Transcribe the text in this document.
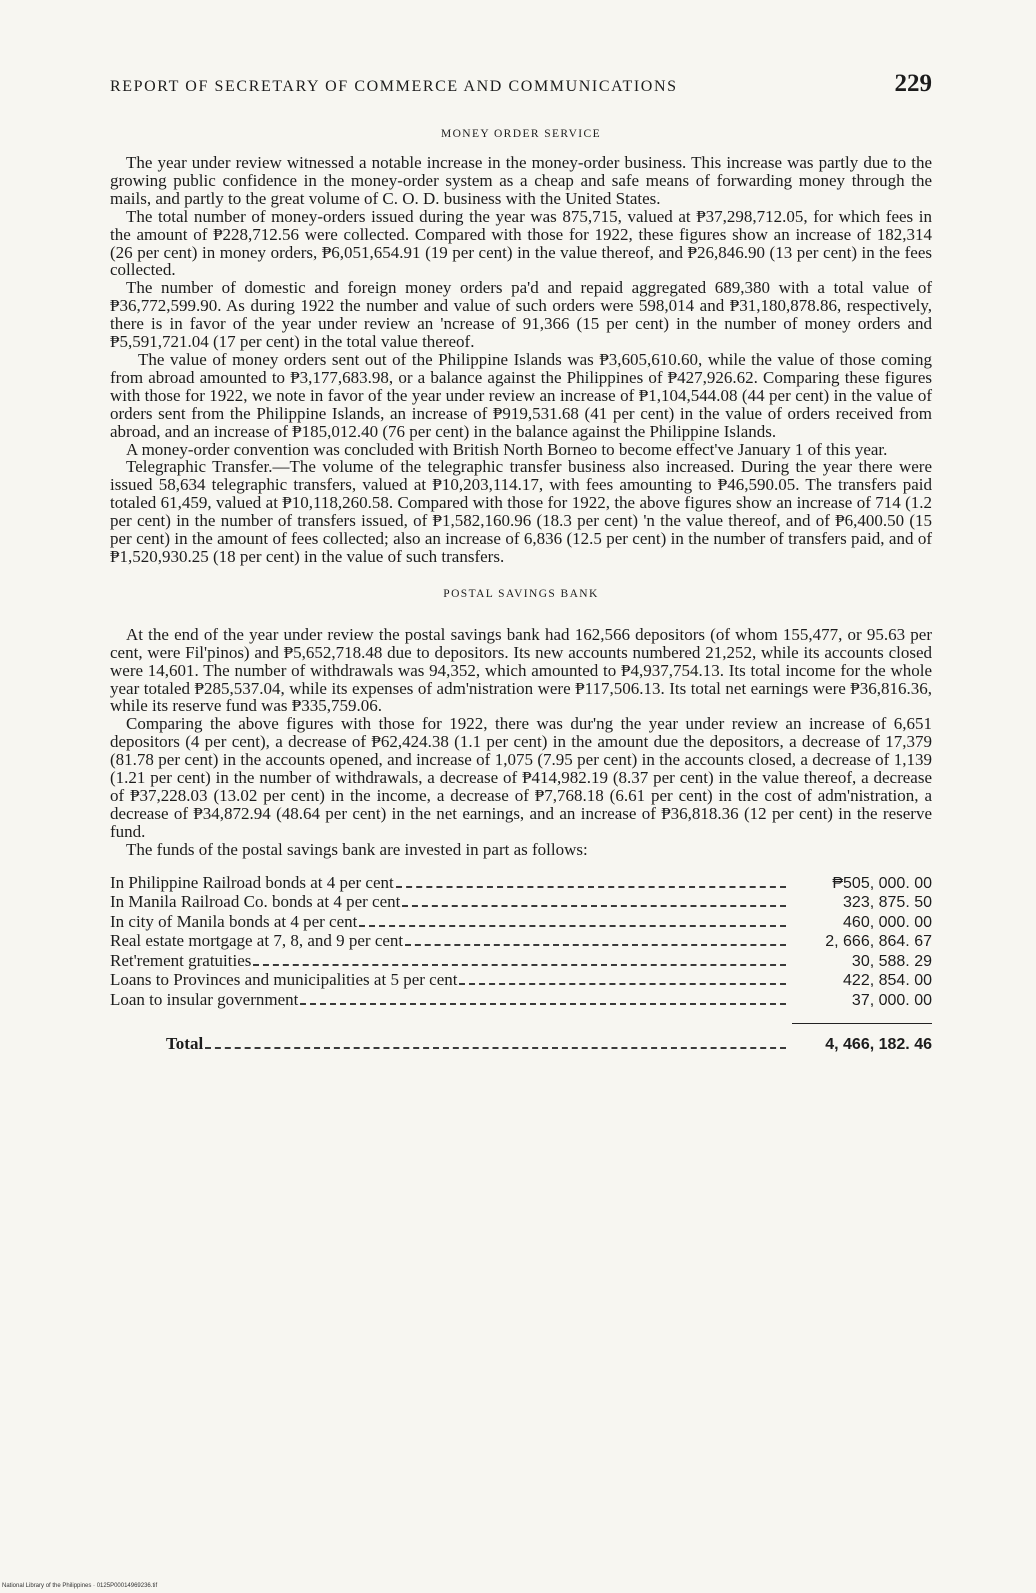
REPORT OF SECRETARY OF COMMERCE AND COMMUNICATIONS	229
MONEY ORDER SERVICE

The year under review witnessed a notable increase in the money-order business. This increase was partly due to the growing public confidence in the money-order system as a cheap and safe means of forwarding money through the mails, and partly to the great volume of C. O. D. business with the United States.

The total number of money-orders issued during the year was 875,715, valued at ₱37,298,712.05, for which fees in the amount of ₱228,712.56 were collected. Compared with those for 1922, these figures show an increase of 182,314 (26 per cent) in money orders, ₱6,051,654.91 (19 per cent) in the value thereof, and ₱26,846.90 (13 per cent) in the fees collected.

The number of domestic and foreign money orders pa'd and repaid aggregated 689,380 with a total value of ₱36,772,599.90. As during 1922 the number and value of such orders were 598,014 and ₱31,180,878.86, respectively, there is in favor of the year under review an 'ncrease of 91,366 (15 per cent) in the number of money orders and ₱5,591,721.04 (17 per cent) in the total value thereof.

The value of money orders sent out of the Philippine Islands was ₱3,605,610.60, while the value of those coming from abroad amounted to ₱3,177,683.98, or a balance against the Philippines of ₱427,926.62. Comparing these figures with those for 1922, we note in favor of the year under review an increase of ₱1,104,544.08 (44 per cent) in the value of orders sent from the Philippine Islands, an increase of ₱919,531.68 (41 per cent) in the value of orders received from abroad, and an increase of ₱185,012.40 (76 per cent) in the balance against the Philippine Islands.

A money-order convention was concluded with British North Borneo to become effect've January 1 of this year.

Telegraphic Transfer.—The volume of the telegraphic transfer business also increased. During the year there were issued 58,634 telegraphic transfers, valued at ₱10,203,114.17, with fees amounting to ₱46,590.05. The transfers paid totaled 61,459, valued at ₱10,118,260.58. Compared with those for 1922, the above figures show an increase of 714 (1.2 per cent) in the number of transfers issued, of ₱1,582,160.96 (18.3 per cent) 'n the value thereof, and of ₱6,400.50 (15 per cent) in the amount of fees collected; also an increase of 6,836 (12.5 per cent) in the number of transfers paid, and of ₱1,520,930.25 (18 per cent) in the value of such transfers.

POSTAL SAVINGS BANK

At the end of the year under review the postal savings bank had 162,566 depositors (of whom 155,477, or 95.63 per cent, were Fil'pinos) and ₱5,652,718.48 due to depositors. Its new accounts numbered 21,252, while its accounts closed were 14,601. The number of withdrawals was 94,352, which amounted to ₱4,937,754.13. Its total income for the whole year totaled ₱285,537.04, while its expenses of adm'nistration were ₱117,506.13. Its total net earnings were ₱36,816.36, while its reserve fund was ₱335,759.06.

Comparing the above figures with those for 1922, there was dur'ng the year under review an increase of 6,651 depositors (4 per cent), a decrease of ₱62,424.38 (1.1 per cent) in the amount due the depositors, a decrease of 17,379 (81.78 per cent) in the accounts opened, and increase of 1,075 (7.95 per cent) in the accounts closed, a decrease of 1,139 (1.21 per cent) in the number of withdrawals, a decrease of ₱414,982.19 (8.37 per cent) in the value thereof, a decrease of ₱37,228.03 (13.02 per cent) in the income, a decrease of ₱7,768.18 (6.61 per cent) in the cost of adm'nistration, a decrease of ₱34,872.94 (48.64 per cent) in the net earnings, and an increase of ₱36,818.36 (12 per cent) in the reserve fund.

The funds of the postal savings bank are invested in part as follows:

In Philippine Railroad bonds at 4 per cent	₱505, 000. 00
In Manila Railroad Co. bonds at 4 per cent	323, 875. 50
In city of Manila bonds at 4 per cent	460, 000. 00
Real estate mortgage at 7, 8, and 9 per cent	2, 666, 864. 67
Ret'rement gratuities	30, 588. 29
Loans to Provinces and municipalities at 5 per cent	422, 854. 00
Loan to insular government	37, 000. 00
Total	4, 466, 182. 46
National Library of the Philippines · 0125P00014969236.tif
